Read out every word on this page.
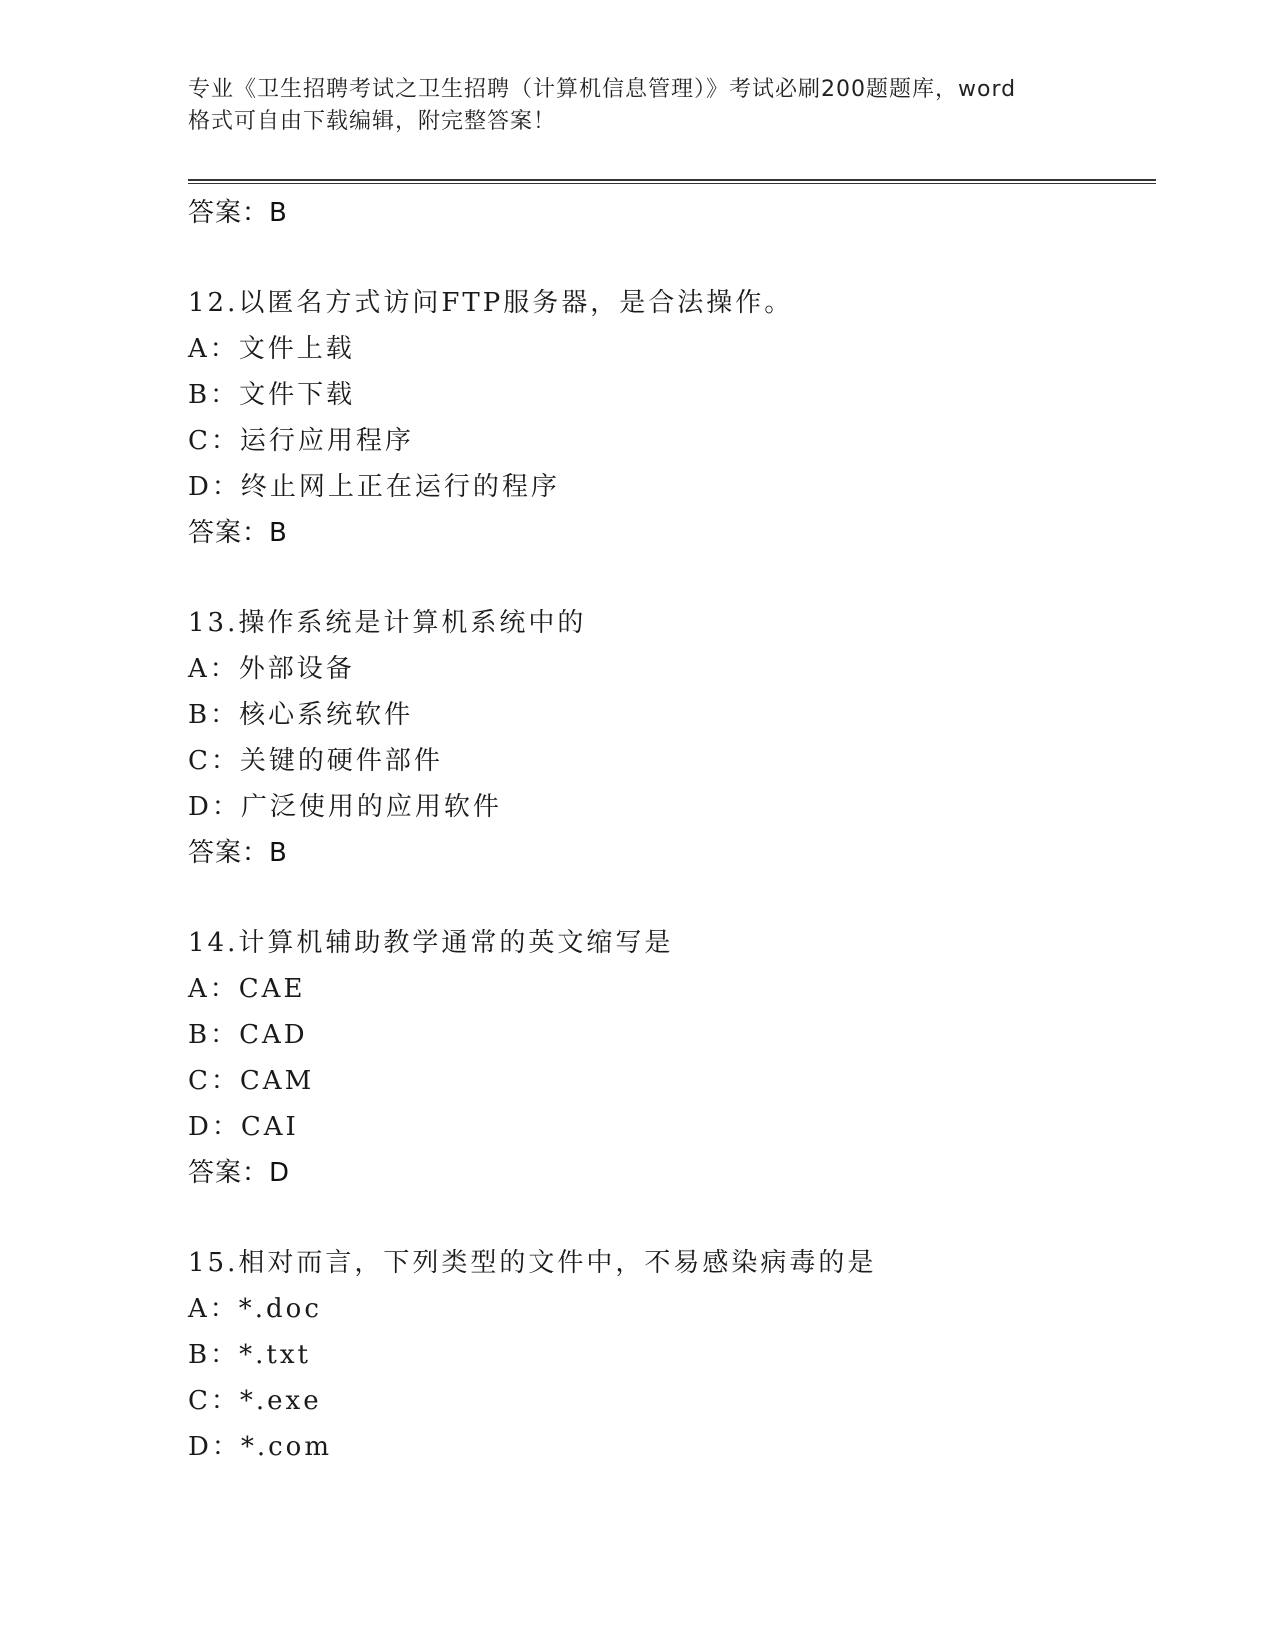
专业《卫生招聘考试之卫生招聘（计算机信息管理）》考试必刷200题题库，word
格式可自由下载编辑，附完整答案！
答案：B
12.以匿名方式访问FTP服务器，是合法操作。
A：文件上载
B：文件下载
C：运行应用程序
D：终止网上正在运行的程序
答案：B
13.操作系统是计算机系统中的
A：外部设备
B：核心系统软件
C：关键的硬件部件
D：广泛使用的应用软件
答案：B
14.计算机辅助教学通常的英文缩写是
A：CAE
B：CAD
C：CAM
D：CAI
答案：D
15.相对而言，下列类型的文件中，不易感染病毒的是
A：*.doc
B：*.txt
C：*.exe
D：*.com
